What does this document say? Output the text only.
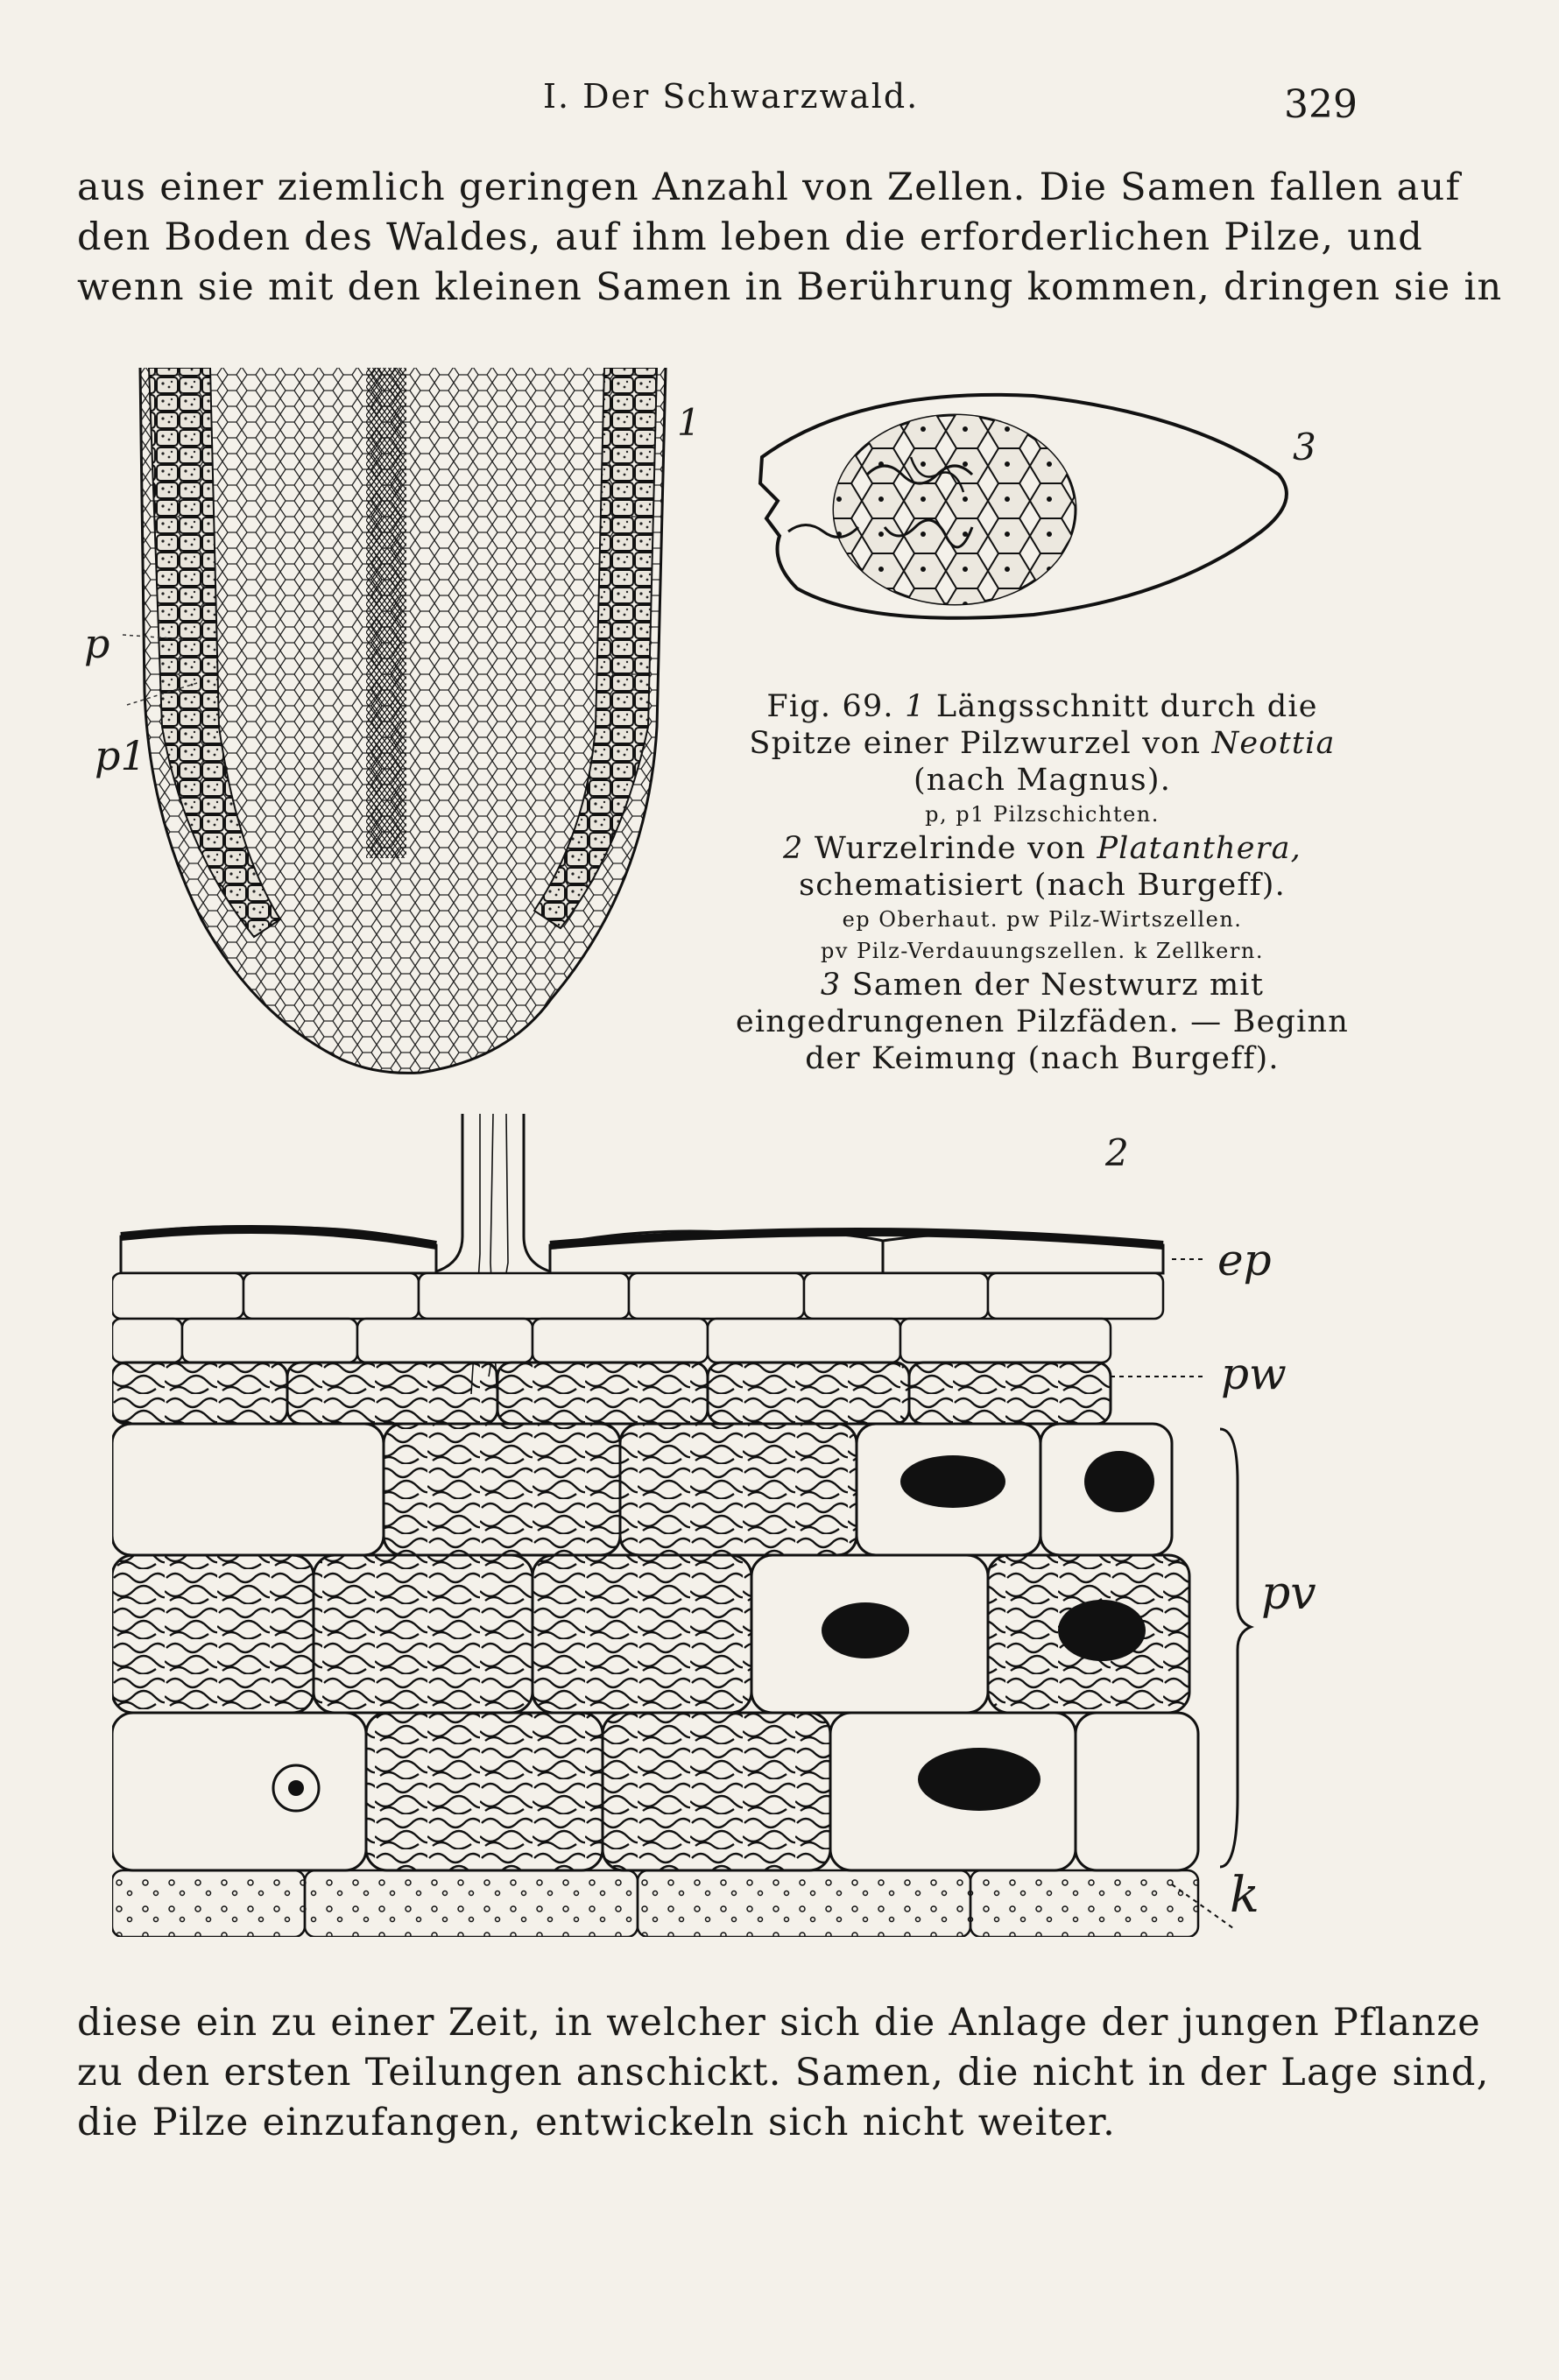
I. Der Schwarzwald.	329
aus einer ziemlich geringen Anzahl von Zellen. Die Samen fallen auf
den Boden des Waldes, auf ihm leben die erforderlichen Pilze, und
wenn sie mit den kleinen Samen in Berührung kommen, dringen sie in
1
p
p1
3
Fig. 69. 1 Längsschnitt durch die Spitze einer Pilzwurzel von Neottia (nach Magnus).
p, p1 Pilzschichten.
2 Wurzelrinde von Platanthera, schematisiert (nach Burgeff).
ep Oberhaut. pw Pilz-Wirtszellen.
pv Pilz-Verdauungszellen. k Zellkern.
3 Samen der Nestwurz mit eingedrungenen Pilzfäden. — Beginn der Keimung (nach Burgeff).
2
ep
pw
pv
k
diese ein zu einer Zeit, in welcher sich die Anlage der jungen Pflanze
zu den ersten Teilungen anschickt. Samen, die nicht in der Lage sind,
die Pilze einzufangen, entwickeln sich nicht weiter.
